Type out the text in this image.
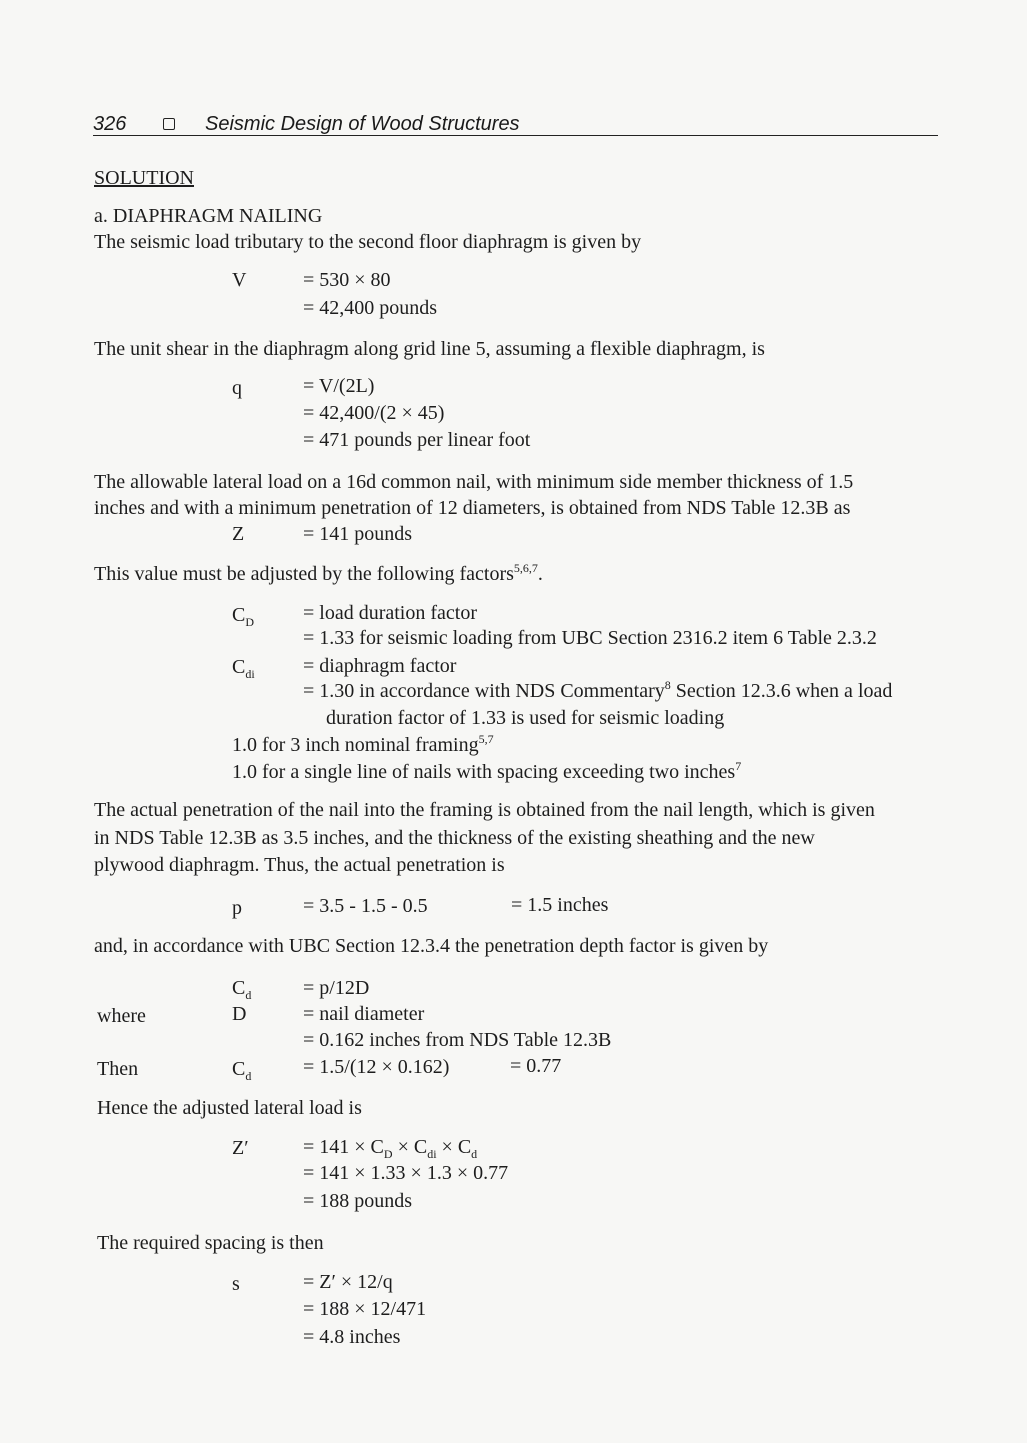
326	Seismic Design of Wood Structures
SOLUTION
a. DIAPHRAGM NAILING
The seismic load tributary to the second floor diaphragm is given by
V	= 530 × 80
= 42,400 pounds
The unit shear in the diaphragm along grid line 5, assuming a flexible diaphragm, is
q	= V/(2L)
= 42,400/(2 × 45)
= 471 pounds per linear foot
The allowable lateral load on a 16d common nail, with minimum side member thickness of 1.5
inches and with a minimum penetration of 12 diameters, is obtained from NDS Table 12.3B as
Z	= 141 pounds
This value must be adjusted by the following factors$^{5,6,7}$.
$C_D$ = load duration factor
= 1.33 for seismic loading from UBC Section 2316.2 item 6 Table 2.3.2
$C_{di}$ = diaphragm factor
= 1.30 in accordance with NDS Commentary$^8$ Section 12.3.6 when a load
duration factor of 1.33 is used for seismic loading
1.0 for 3 inch nominal framing$^{5,7}$
1.0 for a single line of nails with spacing exceeding two inches$^7$
The actual penetration of the nail into the framing is obtained from the nail length, which is given
in NDS Table 12.3B as 3.5 inches, and the thickness of the existing sheathing and the new
plywood diaphragm. Thus, the actual penetration is
p	= 3.5 - 1.5 - 0.5	= 1.5 inches
and, in accordance with UBC Section 12.3.4 the penetration depth factor is given by
$C_d$	= p/12D
where	D	= nail diameter
= 0.162 inches from NDS Table 12.3B
Then	$C_d$	= 1.5/(12 × 0.162)	= 0.77
Hence the adjusted lateral load is
Z′	= $141 \times C_D \times C_{di} \times C_d$
= 141 × 1.33 × 1.3 × 0.77
= 188 pounds
The required spacing is then
s	= Z′ × 12/q
= 188 × 12/471
= 4.8 inches
